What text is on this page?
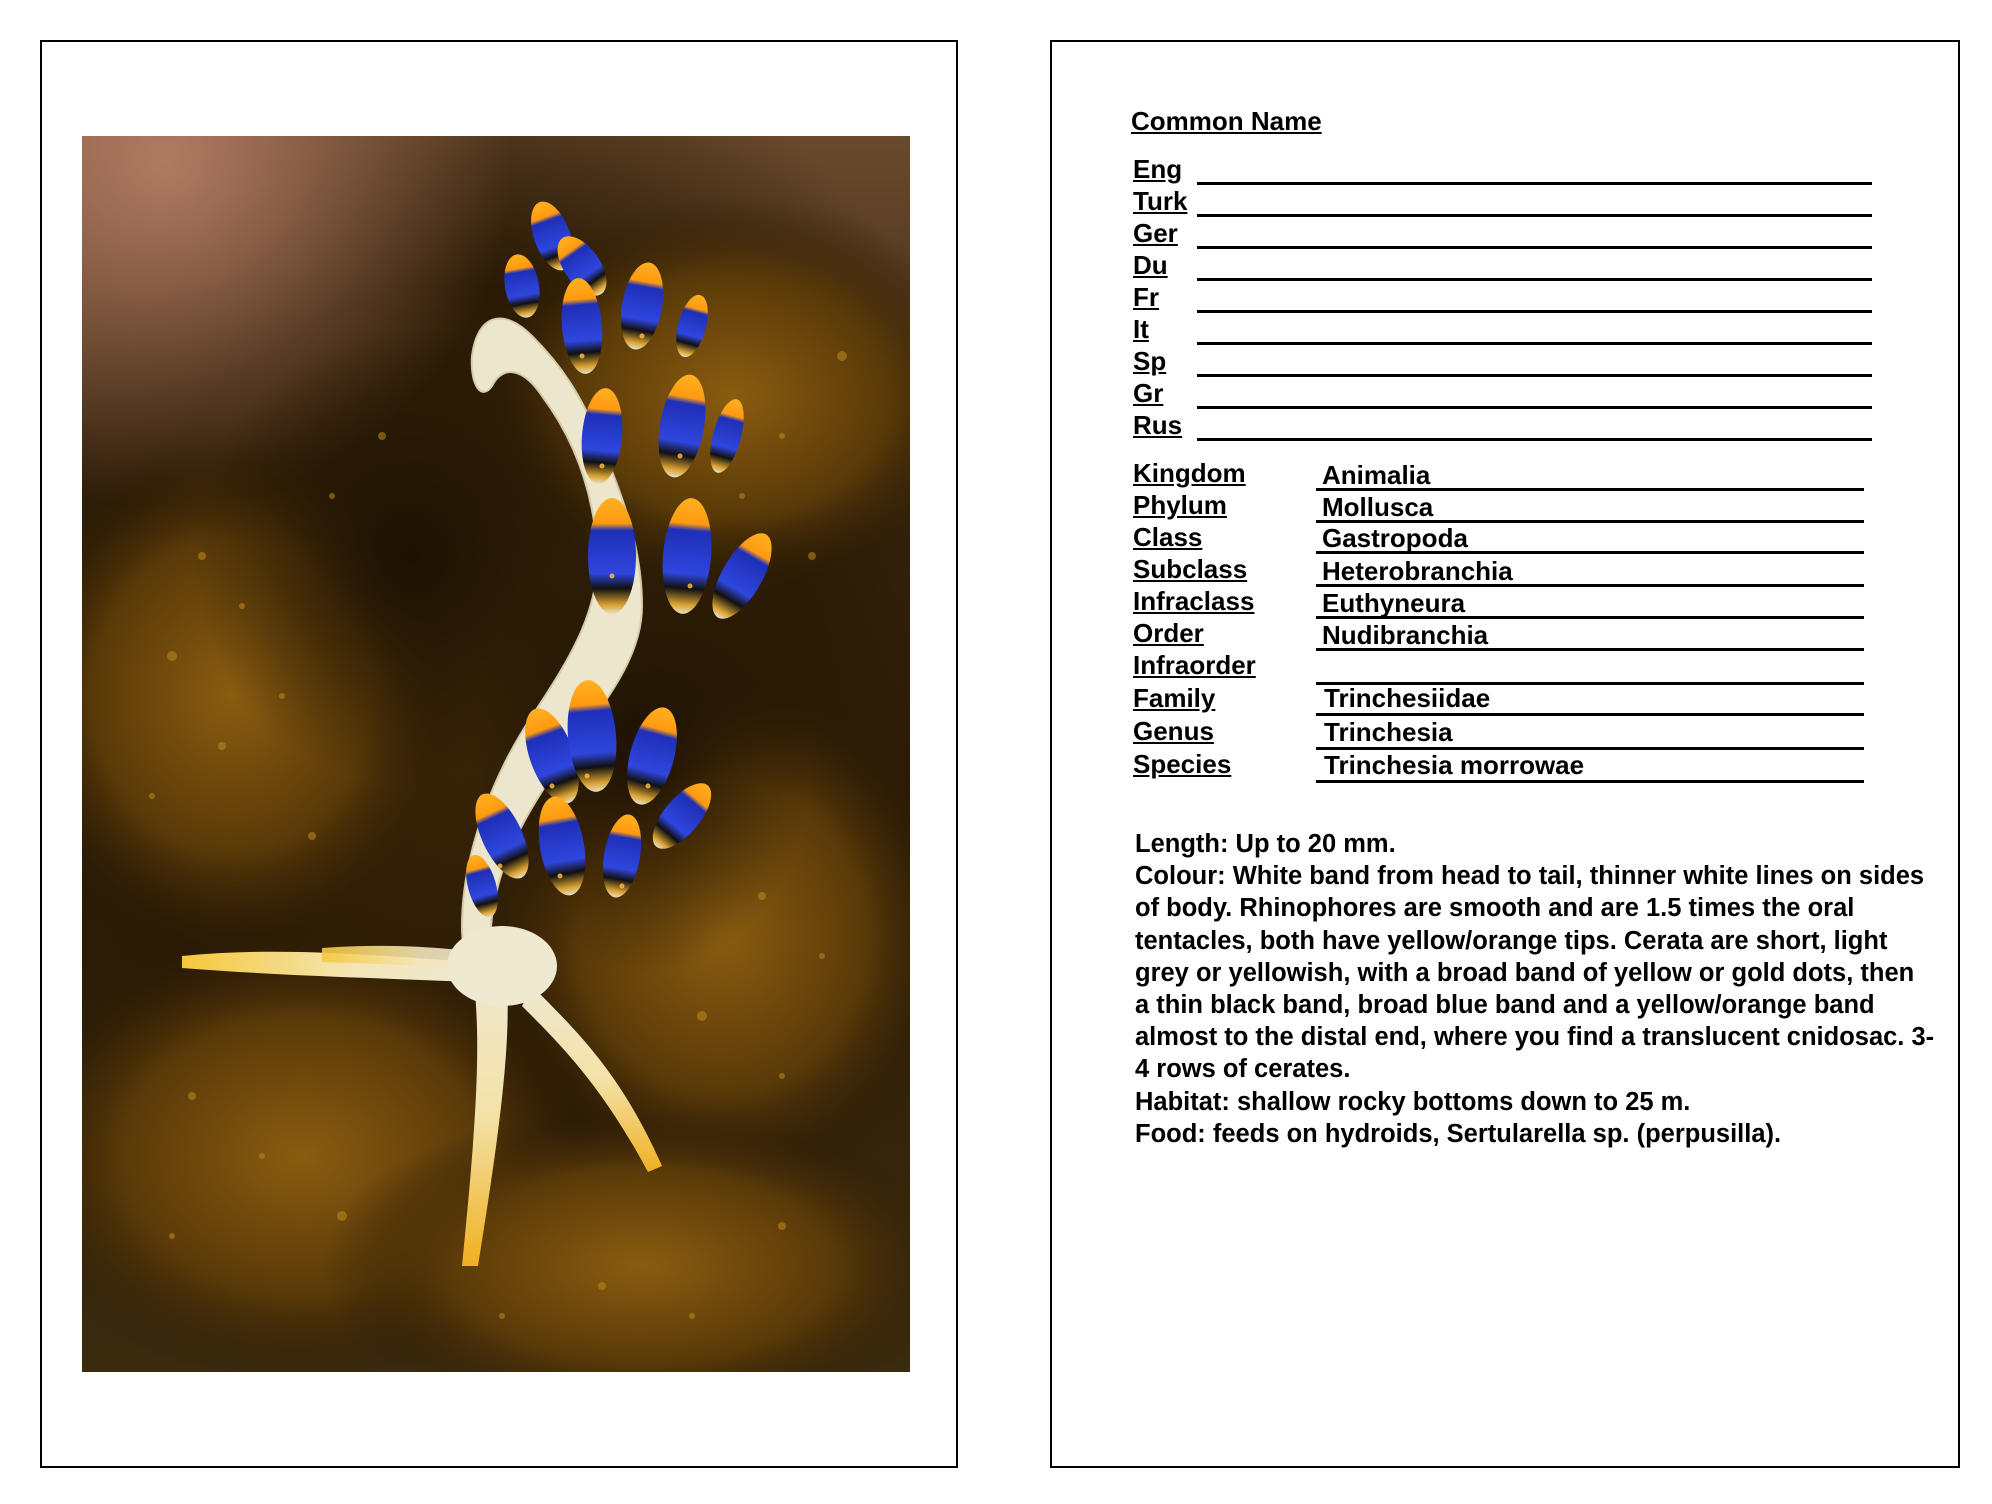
Common Name
Eng
Turk
Ger
Du
Fr
It
Sp
Gr
Rus
Kingdom	Animalia
Phylum	Mollusca
Class	Gastropoda
Subclass	Heterobranchia
Infraclass	Euthyneura
Order	Nudibranchia
Infraorder
Family	Trinchesiidae
Genus	Trinchesia
Species	Trinchesia morrowae

Length: Up to 20 mm.

Colour: White band from head to tail, thinner white lines on sides of body. Rhinophores are smooth and are 1.5 times the oral tentacles, both have yellow/orange tips. Cerata are short, light grey or yellowish, with a broad band of yellow or gold dots, then a thin black band, broad blue band and a yellow/orange band almost to the distal end, where you find a translucent cnidosac. 3-4 rows of cerates.

Habitat: shallow rocky bottoms down to 25 m.

Food: feeds on hydroids, Sertularella sp. (perpusilla).
